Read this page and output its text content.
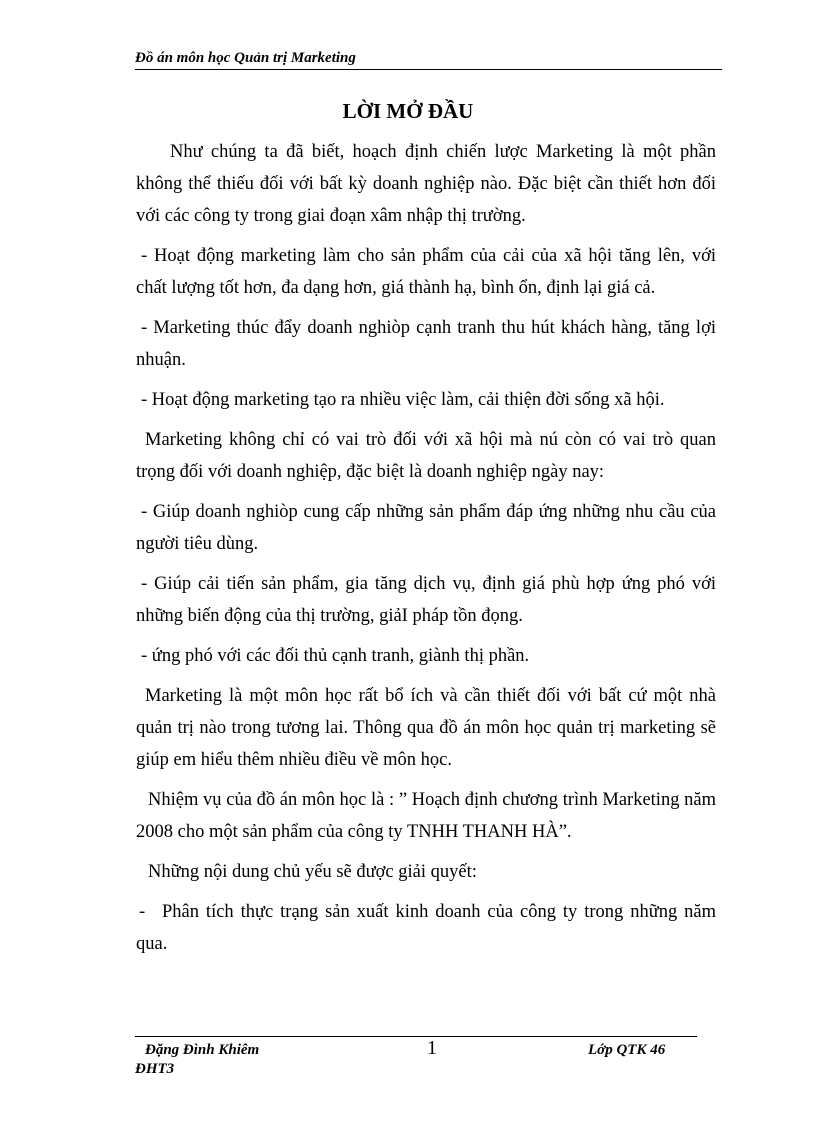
Đồ án môn học Quản trị Marketing
LỜI MỞ ĐẦU

Như chúng ta đã biết, hoạch định chiến lược Marketing là một phần không thể thiếu đối với bất kỳ doanh nghiệp nào. Đặc biệt cần thiết hơn đối với các công ty trong giai đoạn xâm nhập thị trường.

- Hoạt động marketing làm cho sản phẩm của cải của xã hội tăng lên, với chất lượng tốt hơn, đa dạng hơn, giá thành hạ, bình ổn, định lại giá cả.

- Marketing thúc đẩy doanh nghiòp cạnh tranh thu hút khách hàng, tăng lợi nhuận.

- Hoạt động marketing tạo ra nhiều việc làm, cải thiện đời sống xã hội.

Marketing không chỉ có vai trò đối với xã hội mà nú còn có vai trò quan trọng đối với doanh nghiệp, đặc biệt là doanh nghiệp ngày nay:

- Giúp doanh nghiòp cung cấp những sản phẩm đáp ứng những nhu cầu của người tiêu dùng.

- Giúp cải tiến sản phẩm, gia tăng dịch vụ, định giá phù hợp ứng phó với những biến động của thị trường, giảI pháp tồn đọng.

- ứng phó với các đối thủ cạnh tranh, giành thị phần.

Marketing là một môn học rất bổ ích và cần thiết đối với bất cứ một nhà quản trị nào trong tương lai. Thông qua đồ án môn học quản trị marketing sẽ giúp em hiểu thêm nhiều điều về môn học.

Nhiệm vụ của đồ án môn học là : ” Hoạch định chương trình Marketing năm 2008 cho một sản phẩm của công ty TNHH THANH HÀ”.

Những nội dung chủ yếu sẽ được giải quyết:

- Phân tích thực trạng sản xuất kinh doanh của công ty trong những năm qua.
Đặng Đình Khiêm
ĐHT3
1	Lớp QTK 46
